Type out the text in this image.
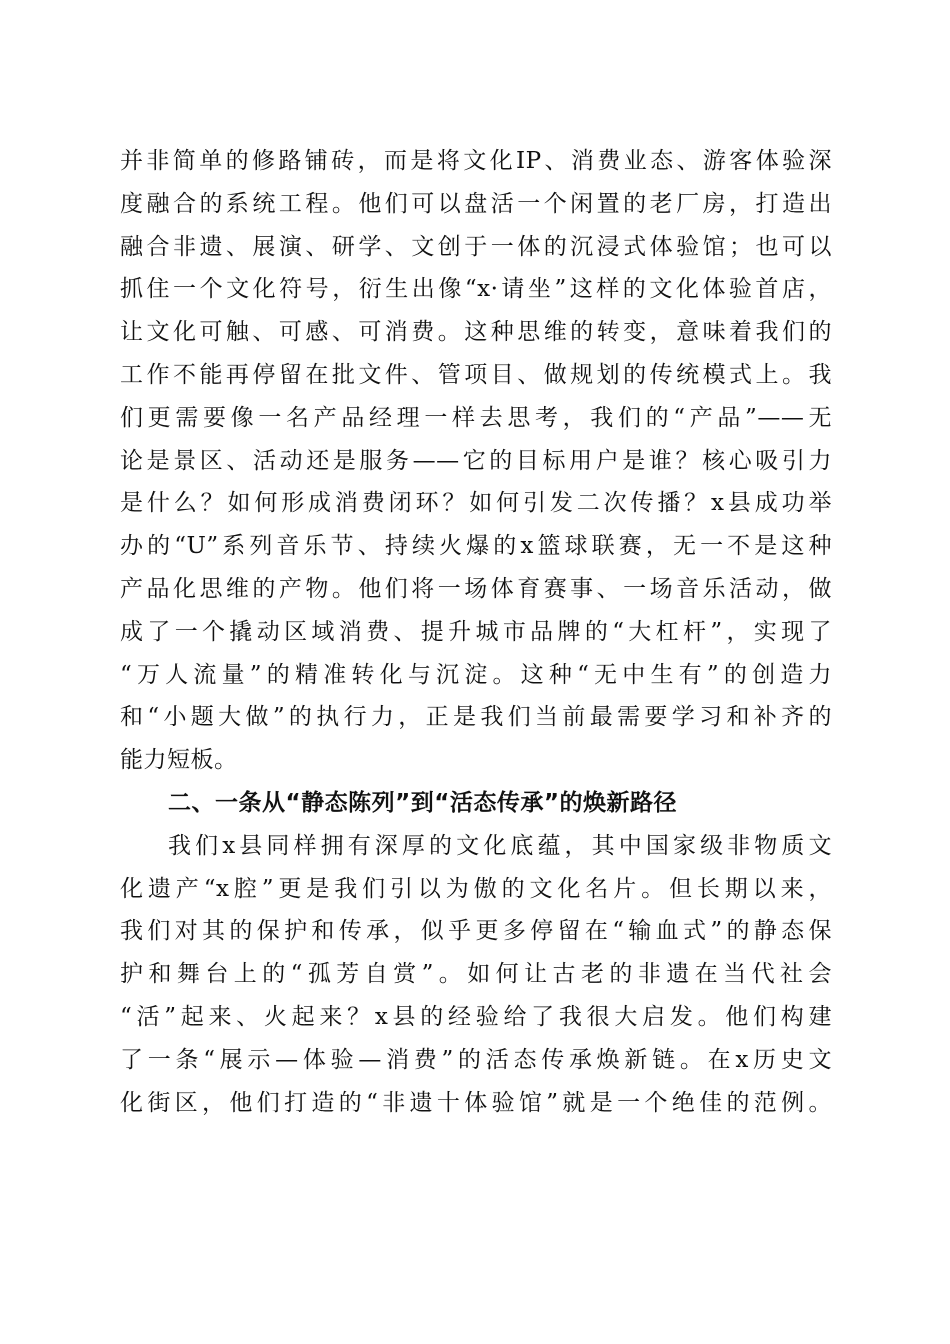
并非简单的修路铺砖，而是将文化IP、消费业态、游客体验深
度融合的系统工程。他们可以盘活一个闲置的老厂房，打造出
融合非遗、展演、研学、文创于一体的沉浸式体验馆；也可以
抓住一个文化符号，衍生出像“x·请坐”这样的文化体验首店，
让文化可触、可感、可消费。这种思维的转变，意味着我们的
工作不能再停留在批文件、管项目、做规划的传统模式上。我
们更需要像一名产品经理一样去思考，我们的“产品”——无
论是景区、活动还是服务——它的目标用户是谁？核心吸引力
是什么？如何形成消费闭环？如何引发二次传播？x县成功举
办的“U”系列音乐节、持续火爆的x篮球联赛，无一不是这种
产品化思维的产物。他们将一场体育赛事、一场音乐活动，做
成了一个撬动区域消费、提升城市品牌的“大杠杆”，实现了
“万人流量”的精准转化与沉淀。这种“无中生有”的创造力
和“小题大做”的执行力，正是我们当前最需要学习和补齐的
能力短板。
二、一条从“静态陈列”到“活态传承”的焕新路径
我们x县同样拥有深厚的文化底蕴，其中国家级非物质文
化遗产“x腔”更是我们引以为傲的文化名片。但长期以来，
我们对其的保护和传承，似乎更多停留在“输血式”的静态保
护和舞台上的“孤芳自赏”。如何让古老的非遗在当代社会
“活”起来、火起来？x县的经验给了我很大启发。他们构建
了一条“展示—体验—消费”的活态传承焕新链。在x历史文
化街区，他们打造的“非遗十体验馆”就是一个绝佳的范例。
